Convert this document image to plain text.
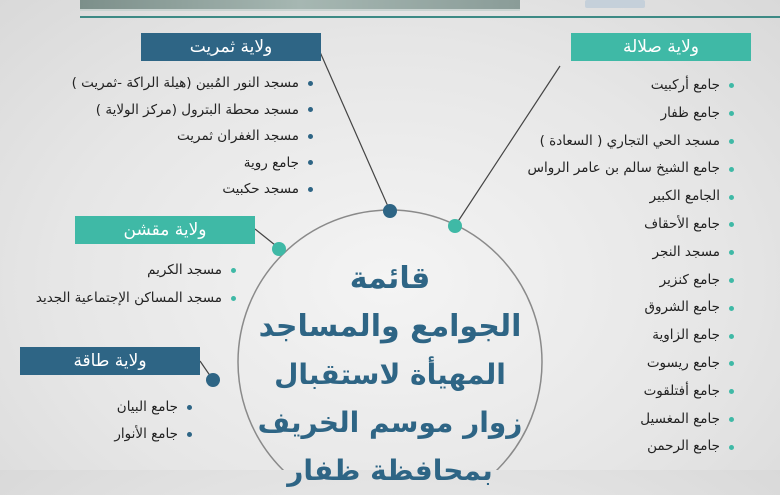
ولاية صلالة
جامع أركبيت
جامع ظفار
مسجد الحي التجاري ( السعادة )
جامع الشيخ سالم بن عامر الرواس
الجامع الكبير
جامع الأحقاف
مسجد النجر
جامع كنزير
جامع الشروق
جامع الزاوية
جامع ريسوت
جامع أفتلقوت
جامع المغسيل
جامع الرحمن
ولاية ثمريت
مسجد النور المُبين (هيلة الراكة -ثمريت )
مسجد محطة البترول (مركز الولاية )
مسجد الغفران ثمريت
جامع روية
مسجد حكبيت
ولاية مقشن
مسجد الكريم
مسجد المساكن الإجتماعية الجديد
ولاية طاقة
جامع البيان
جامع الأنوار
قائمة
الجوامع والمساجد
المهيأة لاستقبال
زوار موسم الخريف
بمحافظة ظفار
